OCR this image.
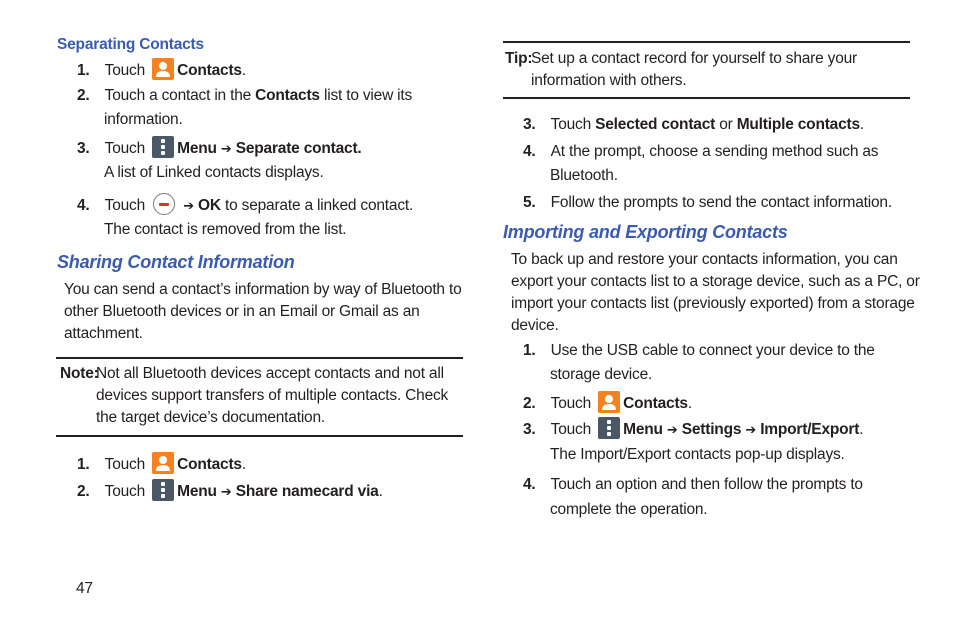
Separating Contacts
1. Touch Contacts.
2. Touch a contact in the Contacts list to view its
information.
3. Touch Menu ➔ Separate contact.
A list of Linked contacts displays.
4. Touch	➔ OK to separate a linked contact.
The contact is removed from the list.
Sharing Contact Information
You can send a contact’s information by way of Bluetooth to
other Bluetooth devices or in an Email or Gmail as an
attachment.
Note:
Not all Bluetooth devices accept contacts and not all
devices support transfers of multiple contacts. Check
the target device’s documentation.
1. Touch Contacts.
2. Touch Menu ➔ Share namecard via.
47
Tip:
Set up a contact record for yourself to share your
information with others.
3. Touch Selected contact or Multiple contacts.
4. At the prompt, choose a sending method such as
Bluetooth.
5. Follow the prompts to send the contact information.
Importing and Exporting Contacts
To back up and restore your contacts information, you can
export your contacts list to a storage device, such as a PC, or
import your contacts list (previously exported) from a storage
device.
1. Use the USB cable to connect your device to the
storage device.
2. Touch Contacts.
3. Touch Menu ➔ Settings ➔ Import/Export.
The Import/Export contacts pop-up displays.
4. Touch an option and then follow the prompts to
complete the operation.
